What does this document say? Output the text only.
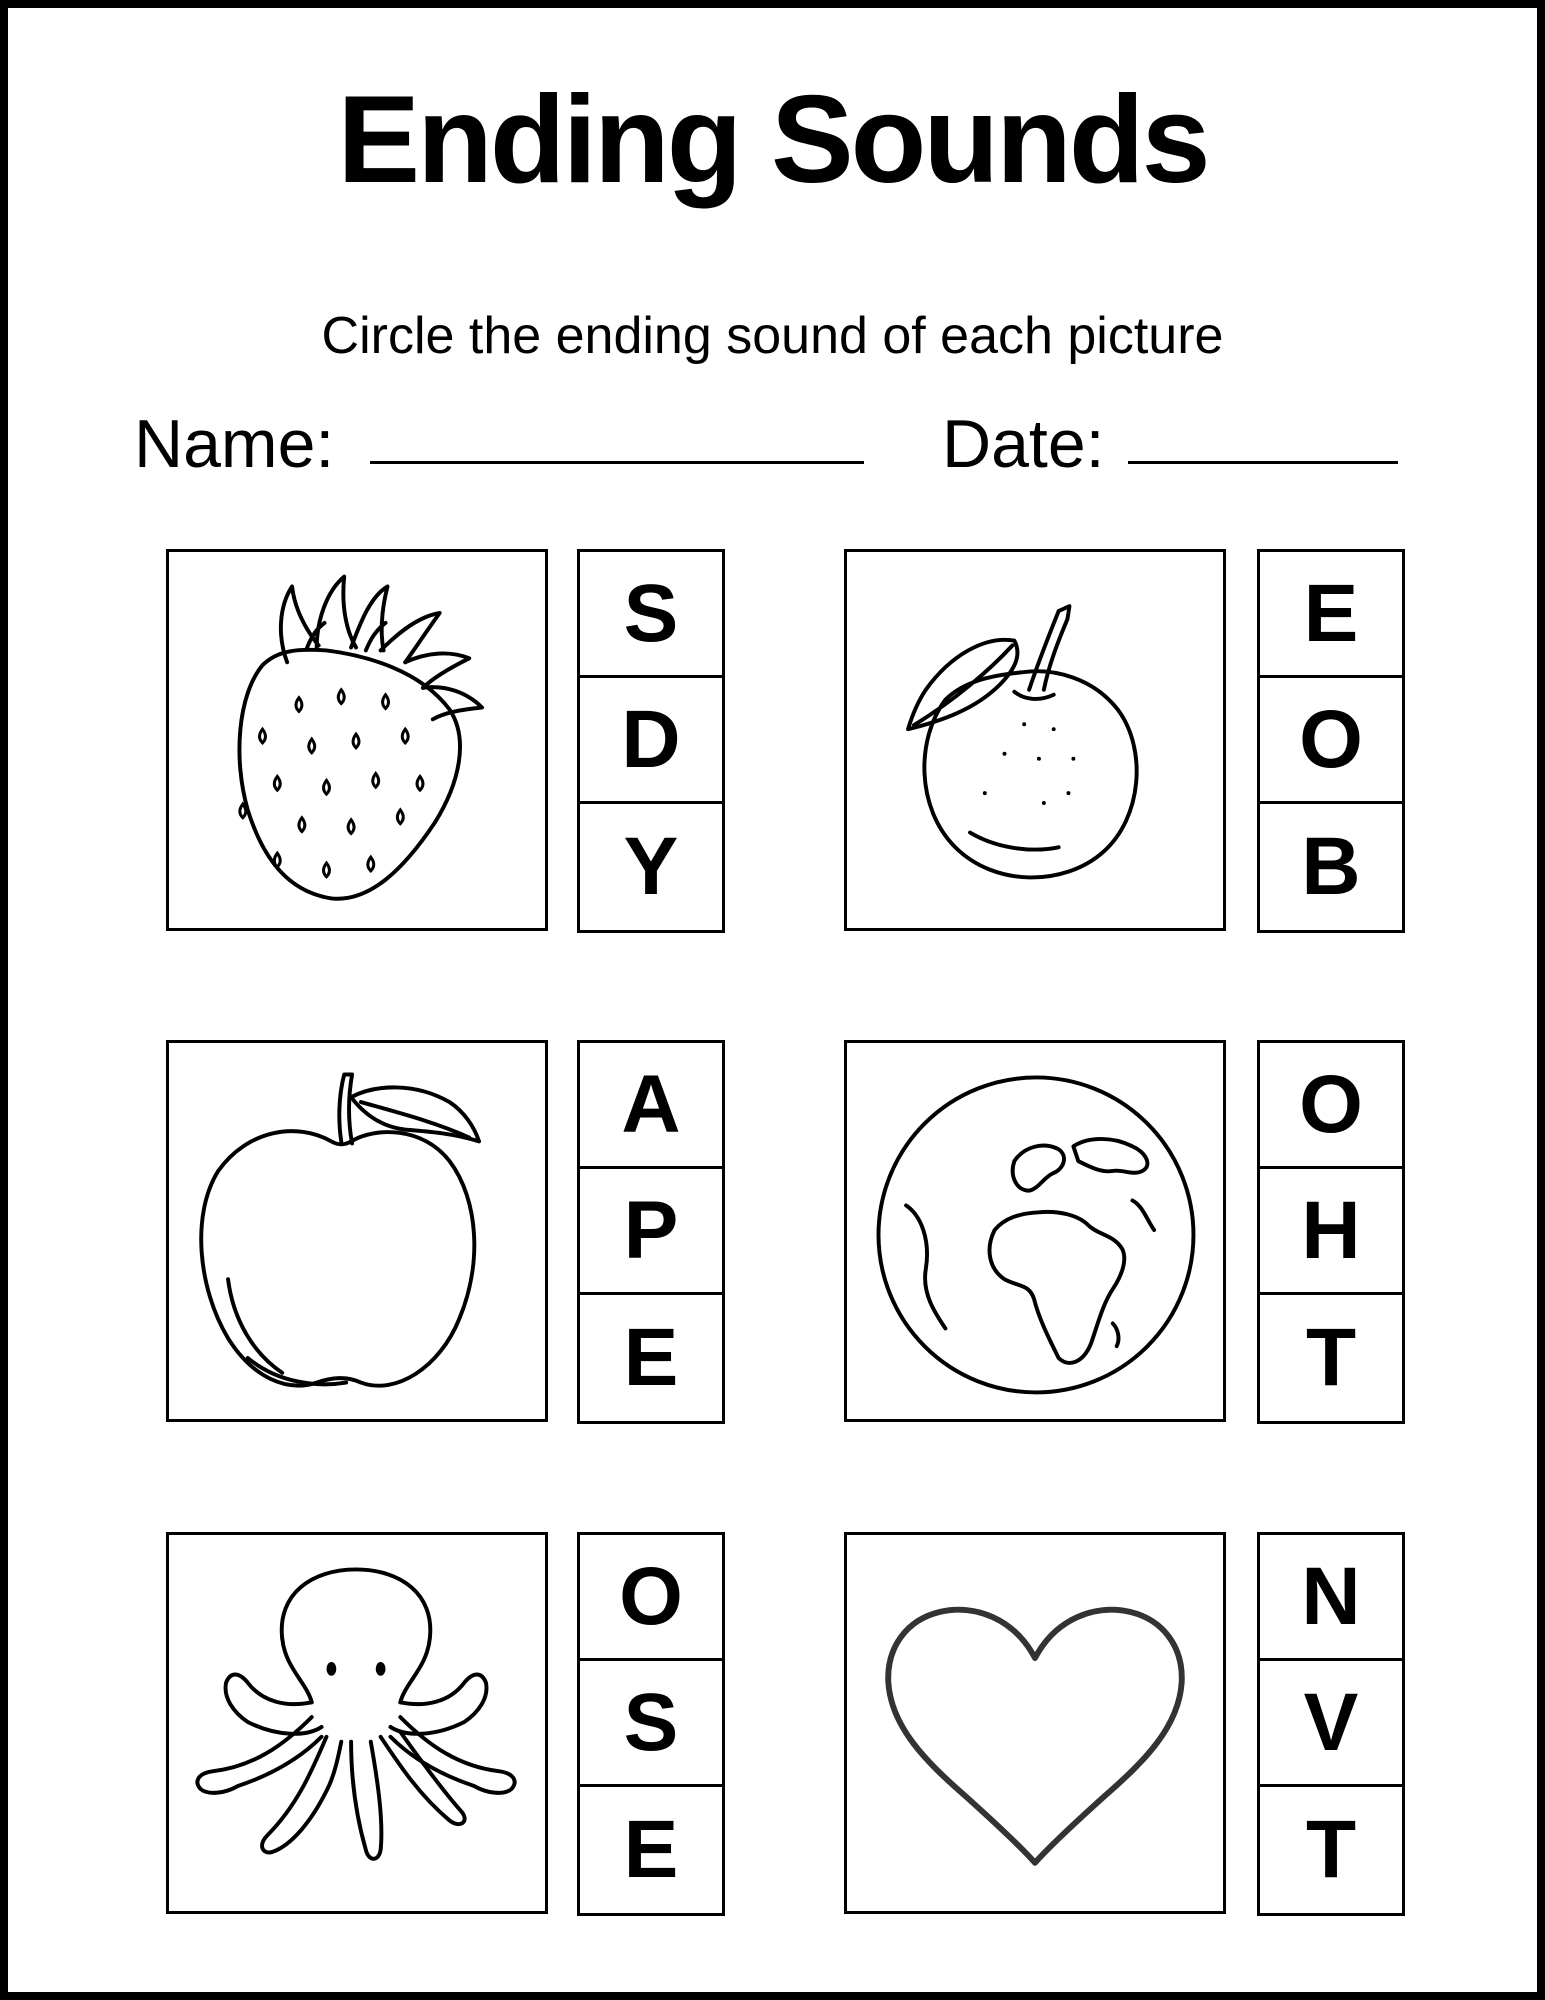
Ending Sounds
Circle the ending sound of each picture
Name:	Date:
S
D
Y
E
O
B
A
P
E
O
H
T
O
S
E
N
V
T
